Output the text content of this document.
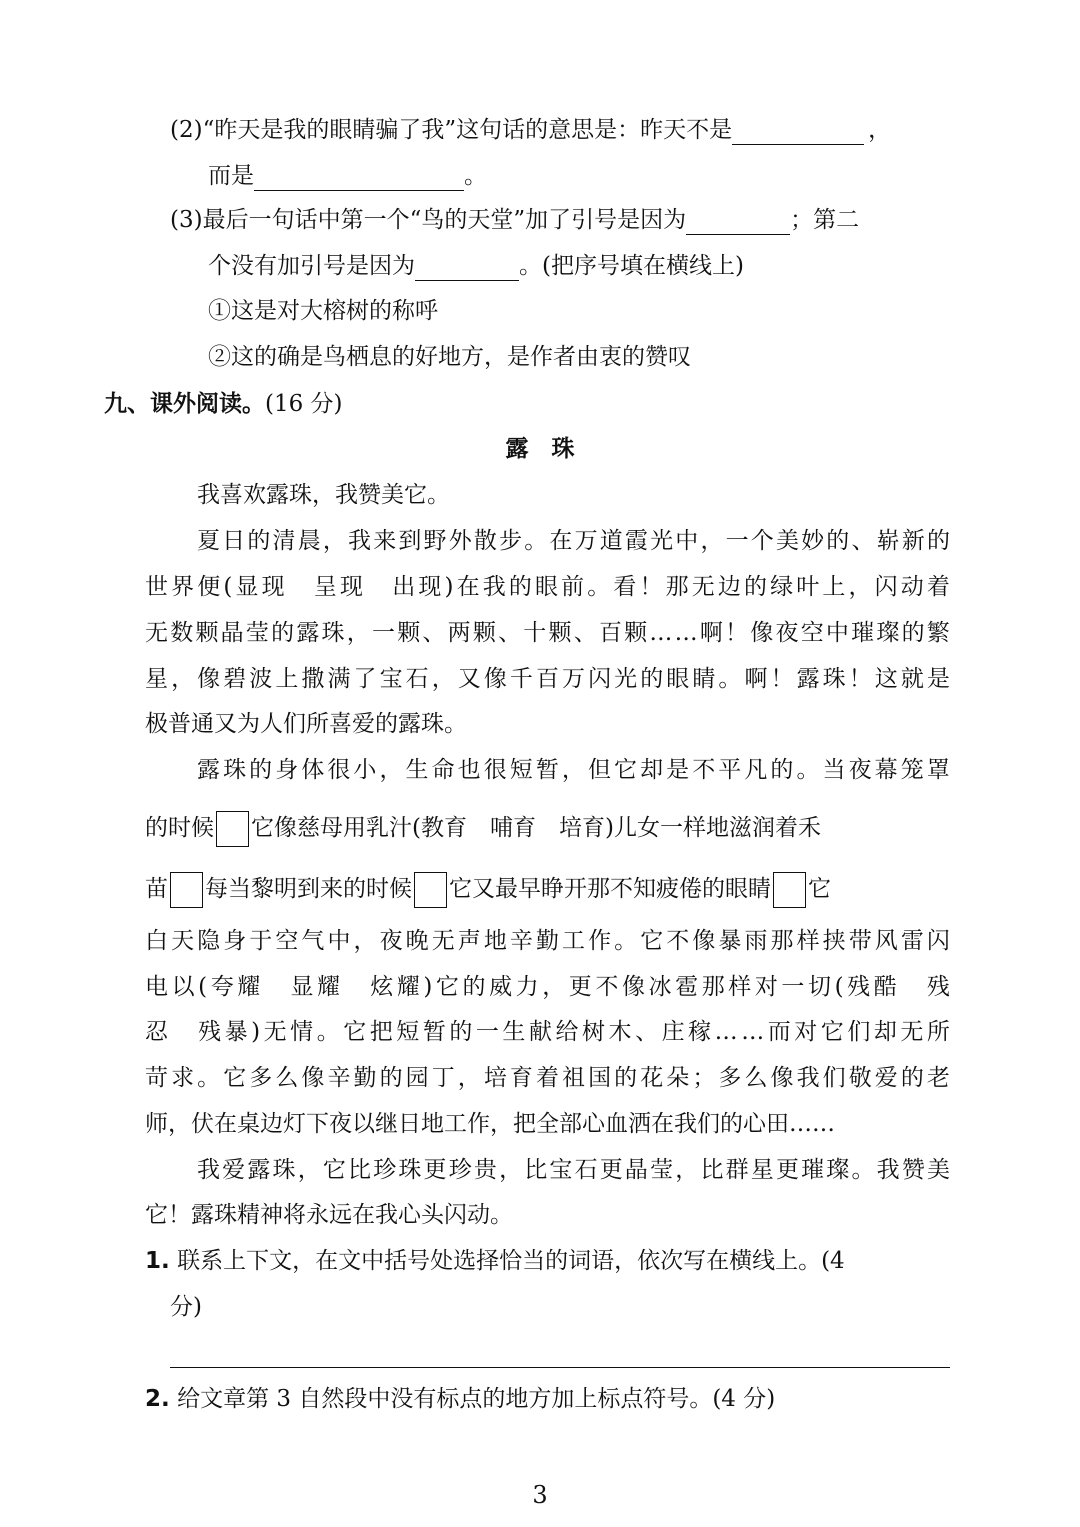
(2)“昨天是我的眼睛骗了我”这句话的意思是：昨天不是	，
而是	。
(3)最后一句话中第一个“鸟的天堂”加了引号是因为	；第二
个没有加引号是因为	。(把序号填在横线上)
①这是对大榕树的称呼
②这的确是鸟栖息的好地方，是作者由衷的赞叹
九、课外阅读。(16 分)
露　珠
我喜欢露珠，我赞美它。
夏 日 的 清 晨 ， 我 来 到 野 外 散 步 。 在 万 道 霞 光 中 ， 一 个 美 妙 的 、 崭 新 的
世 界 便 ( 显 现
　 呈 现
　 出 现 ) 在 我 的 眼 前 。 看 ！ 那 无 边 的 绿 叶 上 ， 闪 动 着
无 数 颗 晶 莹 的 露 珠 ， 一 颗 、 两 颗 、 十 颗 、 百 颗 … … 啊 ！ 像 夜 空 中 璀 璨 的 繁
星 ， 像 碧 波 上 撒 满 了 宝 石 ， 又 像 千 百 万 闪 光 的 眼 睛 。 啊 ！ 露 珠 ！ 这 就 是
极普通又为人们所喜爱的露珠。
露 珠 的 身 体 很 小 ， 生 命 也 很 短 暂 ， 但 它 却 是 不 平 凡 的 。 当 夜 幕 笼 罩
的时候 它像慈母用乳汁(教育　哺育　培育)儿女一样地滋润着禾
苗 每当黎明到来的时候 它又最早睁开那不知疲倦的眼睛 它
白 天 隐 身 于 空 气 中 ， 夜 晚 无 声 地 辛 勤 工 作 。 它 不 像 暴 雨 那 样 挟 带 风 雷 闪
电 以 ( 夸 耀
　 显 耀
　 炫 耀 ) 它 的 威 力 ， 更 不 像 冰 雹 那 样 对 一 切 ( 残 酷
　 残
忍
　 残 暴 ) 无 情 。 它 把 短 暂 的 一 生 献 给 树 木 、 庄 稼 … … 而 对 它 们 却 无 所
苛 求 。 它 多 么 像 辛 勤 的 园 丁 ， 培 育 着 祖 国 的 花 朵 ； 多 么 像 我 们 敬 爱 的 老
师，伏在桌边灯下夜以继日地工作，把全部心血洒在我们的心田……
我 爱 露 珠 ， 它 比 珍 珠 更 珍 贵 ， 比 宝 石 更 晶 莹 ， 比 群 星 更 璀 璨 。 我 赞 美
它！露珠精神将永远在我心头闪动。
1. 联系上下文，在文中括号处选择恰当的词语，依次写在横线上。(4
分)
2. 给文章第 3 自然段中没有标点的地方加上标点符号。(4 分)
3
